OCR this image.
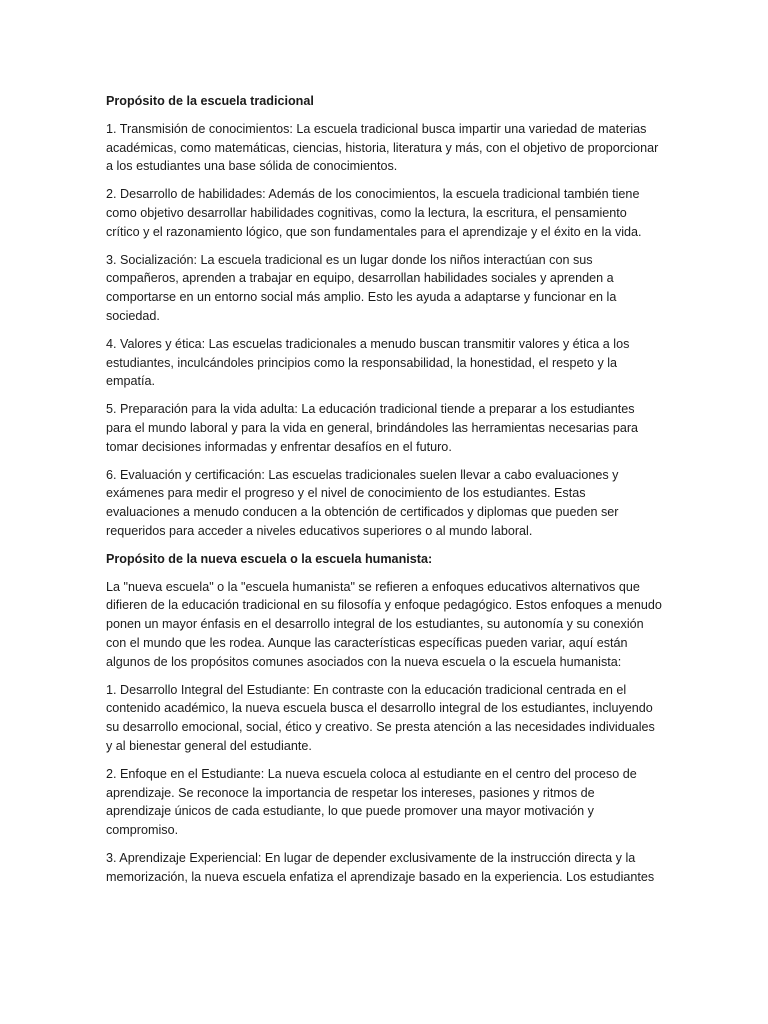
Propósito de la escuela tradicional

1. Transmisión de conocimientos: La escuela tradicional busca impartir una variedad de materias académicas, como matemáticas, ciencias, historia, literatura y más, con el objetivo de proporcionar a los estudiantes una base sólida de conocimientos.

2. Desarrollo de habilidades: Además de los conocimientos, la escuela tradicional también tiene como objetivo desarrollar habilidades cognitivas, como la lectura, la escritura, el pensamiento crítico y el razonamiento lógico, que son fundamentales para el aprendizaje y el éxito en la vida.

3. Socialización: La escuela tradicional es un lugar donde los niños interactúan con sus compañeros, aprenden a trabajar en equipo, desarrollan habilidades sociales y aprenden a comportarse en un entorno social más amplio. Esto les ayuda a adaptarse y funcionar en la sociedad.

4. Valores y ética: Las escuelas tradicionales a menudo buscan transmitir valores y ética a los estudiantes, inculcándoles principios como la responsabilidad, la honestidad, el respeto y la empatía.

5. Preparación para la vida adulta: La educación tradicional tiende a preparar a los estudiantes para el mundo laboral y para la vida en general, brindándoles las herramientas necesarias para tomar decisiones informadas y enfrentar desafíos en el futuro.

6. Evaluación y certificación: Las escuelas tradicionales suelen llevar a cabo evaluaciones y exámenes para medir el progreso y el nivel de conocimiento de los estudiantes. Estas evaluaciones a menudo conducen a la obtención de certificados y diplomas que pueden ser requeridos para acceder a niveles educativos superiores o al mundo laboral.

Propósito de la nueva escuela o la escuela humanista:

La "nueva escuela" o la "escuela humanista" se refieren a enfoques educativos alternativos que difieren de la educación tradicional en su filosofía y enfoque pedagógico. Estos enfoques a menudo ponen un mayor énfasis en el desarrollo integral de los estudiantes, su autonomía y su conexión con el mundo que les rodea. Aunque las características específicas pueden variar, aquí están algunos de los propósitos comunes asociados con la nueva escuela o la escuela humanista:

1. Desarrollo Integral del Estudiante: En contraste con la educación tradicional centrada en el contenido académico, la nueva escuela busca el desarrollo integral de los estudiantes, incluyendo su desarrollo emocional, social, ético y creativo. Se presta atención a las necesidades individuales y al bienestar general del estudiante.

2. Enfoque en el Estudiante: La nueva escuela coloca al estudiante en el centro del proceso de aprendizaje. Se reconoce la importancia de respetar los intereses, pasiones y ritmos de aprendizaje únicos de cada estudiante, lo que puede promover una mayor motivación y compromiso.

3. Aprendizaje Experiencial: En lugar de depender exclusivamente de la instrucción directa y la memorización, la nueva escuela enfatiza el aprendizaje basado en la experiencia. Los estudiantes
